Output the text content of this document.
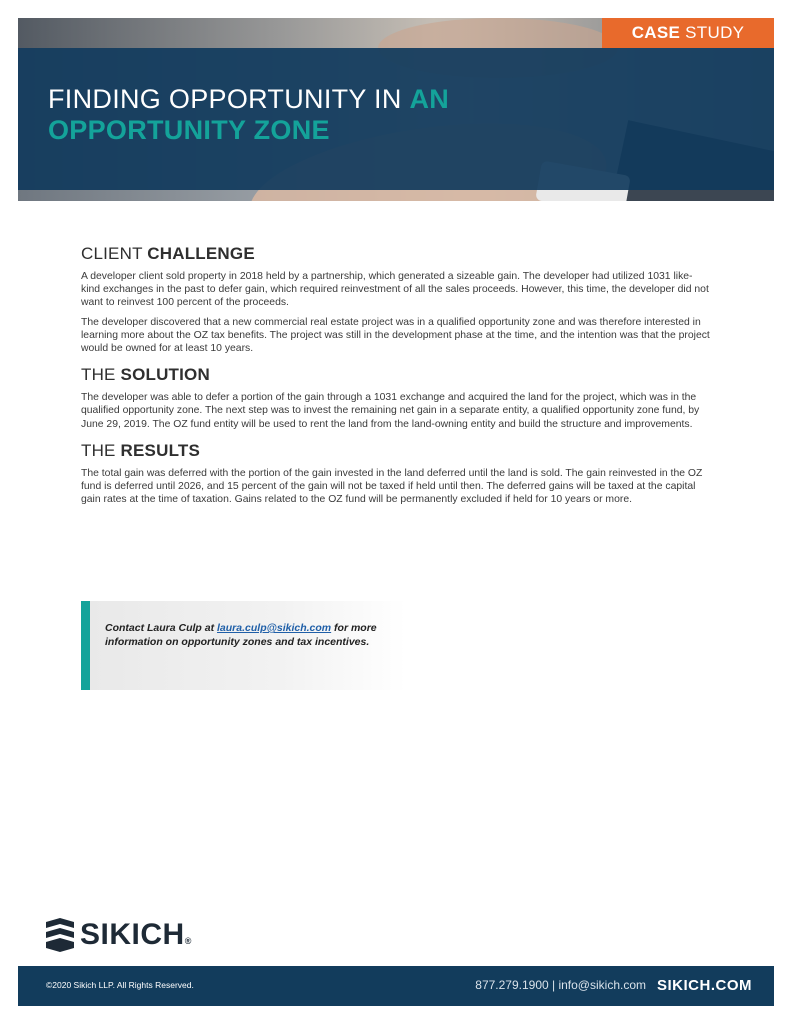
FINDING OPPORTUNITY IN AN
OPPORTUNITY ZONE
CASE STUDY
CLIENT CHALLENGE

A developer client sold property in 2018 held by a partnership, which generated a sizeable gain. The developer had utilized 1031 like-kind exchanges in the past to defer gain, which required reinvestment of all the sales proceeds. However, this time, the developer did not want to reinvest 100 percent of the proceeds.

The developer discovered that a new commercial real estate project was in a qualified opportunity zone and was therefore interested in learning more about the OZ tax benefits. The project was still in the development phase at the time, and the intention was that the project would be owned for at least 10 years.

THE SOLUTION

The developer was able to defer a portion of the gain through a 1031 exchange and acquired the land for the project, which was in the qualified opportunity zone. The next step was to invest the remaining net gain in a separate entity, a qualified opportunity zone fund, by June 29, 2019. The OZ fund entity will be used to rent the land from the land-owning entity and build the structure and improvements.

THE RESULTS

The total gain was deferred with the portion of the gain invested in the land deferred until the land is sold. The gain reinvested in the OZ fund is deferred until 2026, and 15 percent of the gain will not be taxed if held until then. The deferred gains will be taxed at the capital gain rates at the time of taxation. Gains related to the OZ fund will be permanently excluded if held for 10 years or more.

Contact Laura Culp at laura.culp@sikich.com for more information on opportunity zones and tax incentives.

SIKICH®
©2020 Sikich LLP. All Rights Reserved.	877.279.1900 | info@sikich.com SIKICH.COM
